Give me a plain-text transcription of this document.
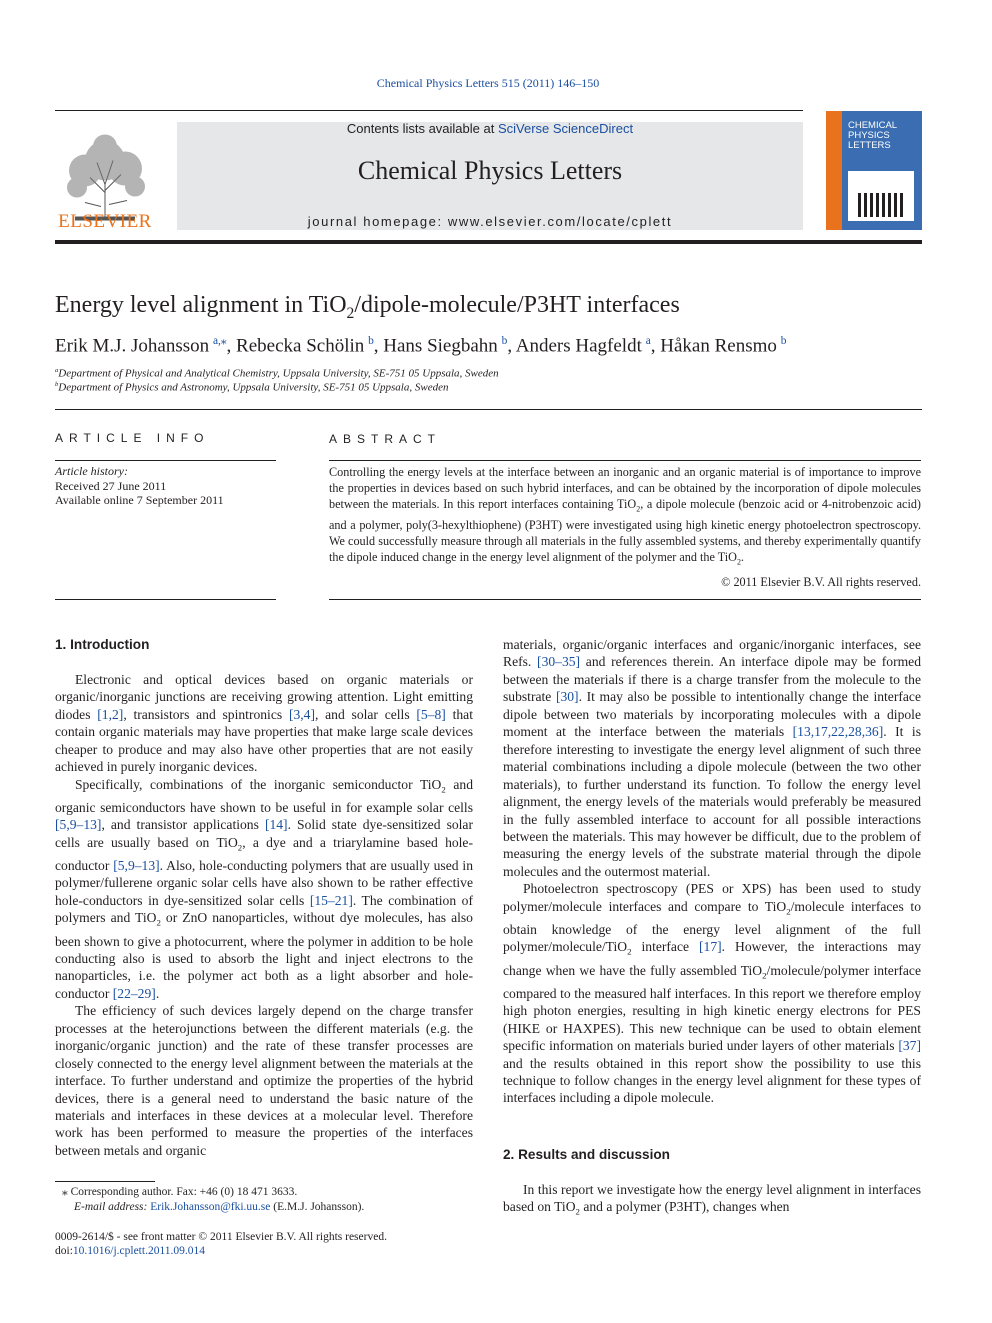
Chemical Physics Letters 515 (2011) 146–150
ELSEVIER
Contents lists available at SciVerse ScienceDirect
Chemical Physics Letters
journal homepage: www.elsevier.com/locate/cplett
CHEMICAL
PHYSICS
LETTERS
Energy level alignment in TiO$_2$/dipole-molecule/P3HT interfaces
Erik M.J. Johansson  $^{a,⁎}$, Rebecka Schölin  $^b$, Hans Siegbahn  $^b$, Anders Hagfeldt  $^a$, Håkan Rensmo  $^b$
$^a$Department of Physical and Analytical Chemistry, Uppsala University, SE-751 05 Uppsala, Sweden
$^b$Department of Physics and Astronomy, Uppsala University, SE-751 05 Uppsala, Sweden
ARTICLE INFO
Article history:
Received 27 June 2011
Available online 7 September 2011
ABSTRACT
Controlling the energy levels at the interface between an inorganic and an organic material is of importance to improve the properties in devices based on such hybrid interfaces, and can be obtained by the incorporation of dipole molecules between the materials. In this report interfaces containing TiO$_2$, a dipole molecule (benzoic acid or 4-nitrobenzoic acid) and a polymer, poly(3-hexylthiophene) (P3HT) were investigated using high kinetic energy photoelectron spectroscopy. We could successfully measure through all materials in the fully assembled systems, and thereby experimentally quantify the dipole induced change in the energy level alignment of the polymer and the TiO$_2$.
© 2011 Elsevier B.V. All rights reserved.
1. Introduction

Electronic and optical devices based on organic materials or organic/inorganic junctions are receiving growing attention. Light emitting diodes [1,2], transistors and spintronics [3,4], and solar cells [5–8] that contain organic materials may have properties that make large scale devices cheaper to produce and may also have other properties that are not easily achieved in purely inorganic devices.

Specifically, combinations of the inorganic semiconductor TiO$_2$ and organic semiconductors have shown to be useful in for example solar cells [5,9–13], and transistor applications [14]. Solid state dye-sensitized solar cells are usually based on TiO$_2$, a dye and a triarylamine based hole-conductor [5,9–13]. Also, hole-conducting polymers that are usually used in polymer/fullerene organic solar cells have also shown to be rather effective hole-conductors in dye-sensitized solar cells [15–21]. The combination of polymers and TiO$_2$ or ZnO nanoparticles, without dye molecules, has also been shown to give a photocurrent, where the polymer in addition to be hole conducting also is used to absorb the light and inject electrons to the nanoparticles, i.e. the polymer act both as a light absorber and hole-conductor [22–29].

The efficiency of such devices largely depend on the charge transfer processes at the heterojunctions between the different materials (e.g. the inorganic/organic junction) and the rate of these transfer processes are closely connected to the energy level alignment between the materials at the interface. To further understand and optimize the properties of the hybrid devices, there is a general need to understand the basic nature of the materials and interfaces in these devices at a molecular level. Therefore work has been performed to measure the properties of the interfaces between metals and organic

materials, organic/organic interfaces and organic/inorganic interfaces, see Refs. [30–35] and references therein. An interface dipole may be formed between the materials if there is a charge transfer from the molecule to the substrate [30]. It may also be possible to intentionally change the interface dipole between two materials by incorporating molecules with a dipole moment at the interface between the materials [13,17,22,28,36]. It is therefore interesting to investigate the energy level alignment of such three material combinations including a dipole molecule (between the two other materials), to further understand its function. To follow the energy level alignment, the energy levels of the materials would preferably be measured in the fully assembled interface to account for all possible interactions between the materials. This may however be difficult, due to the problem of measuring the energy levels of the substrate material through the dipole molecules and the outermost material.

Photoelectron spectroscopy (PES or XPS) has been used to study polymer/molecule interfaces and compare to TiO$_2$/molecule interfaces to obtain knowledge of the energy level alignment of the full polymer/molecule/TiO$_2$ interface [17]. However, the interactions may change when we have the fully assembled TiO$_2$/molecule/polymer interface compared to the measured half interfaces. In this report we therefore employ high photon energies, resulting in high kinetic energy electrons for PES (HIKE or HAXPES). This new technique can be used to obtain element specific information on materials buried under layers of other materials [37] and the results obtained in this report show the possibility to use this technique to follow changes in the energy level alignment for these types of interfaces including a dipole molecule.

2. Results and discussion

In this report we investigate how the energy level alignment in interfaces based on TiO$_2$ and a polymer (P3HT), changes when

⁎ Corresponding author. Fax: +46 (0) 18 471 3633.
E-mail address: Erik.Johansson@fki.uu.se (E.M.J. Johansson).
0009-2614/$ - see front matter © 2011 Elsevier B.V. All rights reserved.
doi:10.1016/j.cplett.2011.09.014
